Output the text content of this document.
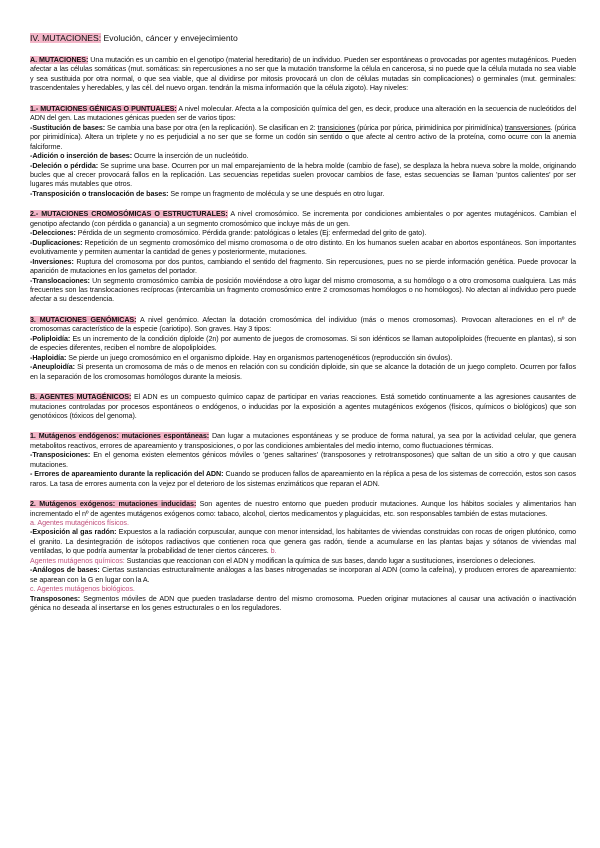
IV. MUTACIONES: Evolución, cáncer y envejecimiento

A. MUTACIONES: Una mutación es un cambio en el genotipo (material hereditario) de un individuo. Pueden ser espontáneas o provocadas por agentes mutagénicos. Pueden afectar a las células somáticas (mut. somáticas: sin repercusiones a no ser que la mutación transforme la célula en cancerosa, si no puede que la célula mutada no sea viable y sea sustituida por otra normal, o que sea viable, que al dividirse por mitosis provocará un clon de células mutadas sin complicaciones) o germinales (mut. germinales: trascendentales y heredables, y las cél. del nuevo organ. tendrán la misma información que la célula zigoto). Hay niveles:

1.- MUTACIONES GÉNICAS O PUNTUALES: A nivel molecular. Afecta a la composición química del gen, es decir, produce una alteración en la secuencia de nucleótidos del ADN del gen. Las mutaciones génicas pueden ser de varios tipos:

-Sustitución de bases: Se cambia una base por otra (en la replicación). Se clasifican en 2: transiciones (púrica por púrica, pirimidínica por pirimidínica) transversiones. (púrica por pirimidínica). Altera un triplete y no es perjudicial a no ser que se forme un codón sin sentido o que afecte al centro activo de la proteína, como ocurre con la anemia falciforme.

-Adición o inserción de bases: Ocurre la inserción de un nucleótido.

-Deleción o pérdida: Se suprime una base. Ocurren por un mal emparejamiento de la hebra molde (cambio de fase), se desplaza la hebra nueva sobre la molde, originando bucles que al crecer provocará fallos en la replicación. Las secuencias repetidas suelen provocar cambios de fase, estas secuencias se llaman 'puntos calientes' por ser lugares más mutables que otros.

-Transposición o translocación de bases: Se rompe un fragmento de molécula y se une después en otro lugar.

2.- MUTACIONES CROMOSÓMICAS O ESTRUCTURALES: A nivel cromosómico. Se incrementa por condiciones ambientales o por agentes mutagénicos. Cambian el genotipo afectando (con pérdida o ganancia) a un segmento cromosómico que incluye más de un gen.

-Delecciones: Pérdida de un segmento cromosómico. Pérdida grande: patológicas o letales (Ej: enfermedad del grito de gato).

-Duplicaciones: Repetición de un segmento cromosómico del mismo cromosoma o de otro distinto. En los humanos suelen acabar en abortos espontáneos. Son importantes evolutivamente y permiten aumentar la cantidad de genes y posteriormente, mutaciones.

-Inversiones: Ruptura del cromosoma por dos puntos, cambiando el sentido del fragmento. Sin repercusiones, pues no se pierde información genética. Puede provocar la aparición de mutaciones en los gametos del portador.

-Translocaciones: Un segmento cromosómico cambia de posición moviéndose a otro lugar del mismo cromosoma, a su homólogo o a otro cromosoma cualquiera. Las más frecuentes son las translocaciones recíprocas (intercambia un fragmento cromosómico entre 2 cromosomas homólogos o no homólogos). No afectan al individuo pero puede afectar a su descendencia.

3. MUTACIONES GENÓMICAS: A nivel genómico. Afectan la dotación cromosómica del individuo (más o menos cromosomas). Provocan alteraciones en el nº de cromosomas característico de la especie (cariotipo). Son graves. Hay 3 tipos:

-Poliploidía: Es un incremento de la condición diploide (2n) por aumento de juegos de cromosomas. Si son idénticos se llaman autopoliploides (frecuente en plantas), si son de especies diferentes, reciben el nombre de alopoliploides.

-Haploidía: Se pierde un juego cromosómico en el organismo diploide. Hay en organismos partenogenéticos (reproducción sin óvulos).

-Aneuploidía: Si presenta un cromosoma de más o de menos en relación con su condición diploide, sin que se alcance la dotación de un juego completo. Ocurren por fallos en la separación de los cromosomas homólogos durante la meiosis.

B. AGENTES MUTAGÉNICOS: El ADN es un compuesto químico capaz de participar en varias reacciones. Está sometido continuamente a las agresiones causantes de mutaciones controladas por procesos espontáneos o endógenos, o inducidas por la exposición a agentes mutagénicos exógenos (físicos, químicos o biológicos) que son genotóxicos (tóxicos del genoma).

1. Mutágenos endógenos: mutaciones espontáneas: Dan lugar a mutaciones espontáneas y se produce de forma natural, ya sea por la actividad celular, que genera metabolitos reactivos, errores de apareamiento y transposiciones, o por las condiciones ambientales del medio interno, como fluctuaciones térmicas.

-Transposiciones: En el genoma existen elementos génicos móviles o 'genes saltarines' (transposones y retrotransposones) que saltan de un sitio a otro y que causan mutaciones.

- Errores de apareamiento durante la replicación del ADN: Cuando se producen fallos de apareamiento en la réplica a pesa de los sistemas de corrección, estos son casos raros. La tasa de errores aumenta con la vejez por el deterioro de los sistemas enzimáticos que reparan el ADN.

2. Mutágenos exógenos: mutaciones inducidas: Son agentes de nuestro entorno que pueden producir mutaciones. Aunque los hábitos sociales y alimentarios han incrementado el nº de agentes mutágenos exógenos como: tabaco, alcohol, ciertos medicamentos y plaguicidas, etc. son responsables también de estas mutaciones.

a. Agentes mutagénicos físicos.

-Exposición al gas radón: Expuestos a la radiación corpuscular, aunque con menor intensidad, los habitantes de viviendas construidas con rocas de origen plutónico, como el granito. La desintegración de isótopos radiactivos que contienen roca que genera gas radón, tiende a acumularse en las plantas bajas y sótanos de viviendas mal ventiladas, lo que podría aumentar la probabilidad de tener ciertos cánceres. b.

Agentes mutágenos químicos: Sustancias que reaccionan con el ADN y modifican la química de sus bases, dando lugar a sustituciones, inserciones o deleciones.

-Análogos de bases: Ciertas sustancias estructuralmente análogas a las bases nitrogenadas se incorporan al ADN (como la cafeína), y producen errores de apareamiento: se aparean con la G en lugar con la A.

c. Agentes mutágenos biológicos.

Transposones: Segmentos móviles de ADN que pueden trasladarse dentro del mismo cromosoma. Pueden originar mutaciones al causar una activación o inactivación génica no deseada al insertarse en los genes estructurales o en los reguladores.
